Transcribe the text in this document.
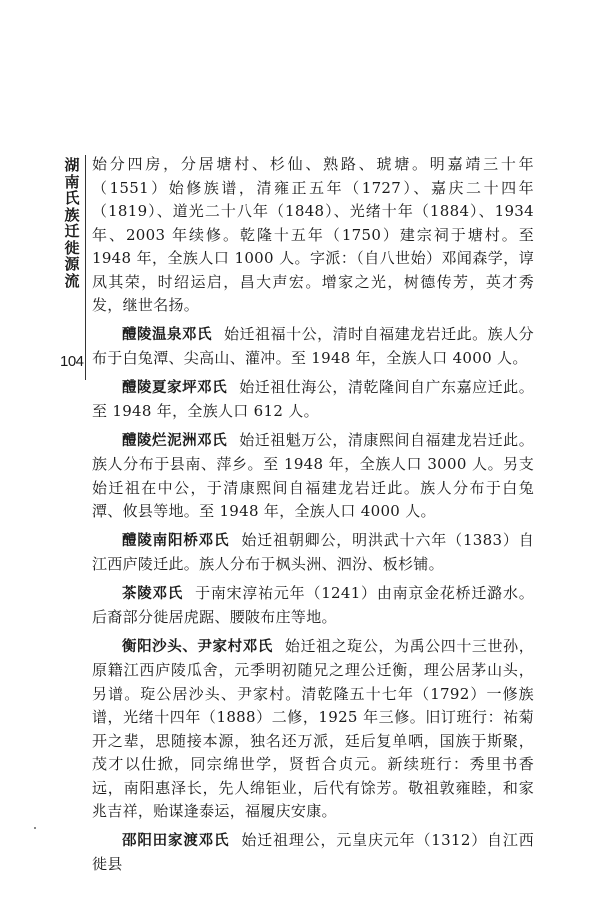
湖南氏族迁徙源流
104

始分四房，分居塘村、杉仙、熟路、琥塘。明嘉靖三十年（1551）始修族谱，清雍正五年（1727）、嘉庆二十四年（1819）、道光二十八年（1848）、光绪十年（1884）、1934 年、2003 年续修。乾隆十五年（1750）建宗祠于塘村。至 1948 年，全族人口 1000 人。字派：（自八世始）邓闻森学，谆凤其荣，时绍运启，昌大声宏。增家之光，树德传芳，英才秀发，继世名扬。

醴陵温泉邓氏 始迁祖福十公，清时自福建龙岩迁此。族人分布于白兔潭、尖高山、灌冲。至 1948 年，全族人口 4000 人。

醴陵夏家坪邓氏 始迁祖仕海公，清乾隆间自广东嘉应迁此。至 1948 年，全族人口 612 人。

醴陵烂泥洲邓氏 始迁祖魁万公，清康熙间自福建龙岩迁此。族人分布于县南、萍乡。至 1948 年，全族人口 3000 人。另支始迁祖在中公，于清康熙间自福建龙岩迁此。族人分布于白兔潭、攸县等地。至 1948 年，全族人口 4000 人。

醴陵南阳桥邓氏 始迁祖朝卿公，明洪武十六年（1383）自江西庐陵迁此。族人分布于枫头洲、泗汾、板杉铺。

茶陵邓氏 于南宋淳祐元年（1241）由南京金花桥迁潞水。后裔部分徙居虎踞、腰陂布庄等地。

衡阳沙头、尹家村邓氏 始迁祖之琁公，为禹公四十三世孙，原籍江西庐陵瓜舍，元季明初随兄之理公迁衡，理公居茅山头，另谱。琁公居沙头、尹家村。清乾隆五十七年（1792）一修族谱，光绪十四年（1888）二修，1925 年三修。旧订班行：祐菊开之辈，思随接本源，独名还万派，廷后复单哂，国族于斯聚，茂才以仕掀，同宗绵世学，贤哲合贞元。新续班行：秀里书香远，南阳惠泽长，先人绵钜业，后代有馀芳。敬祖敦雍睦，和家兆吉祥，贻谋逢泰运，福履庆安康。

邵阳田家渡邓氏 始迁祖理公，元皇庆元年（1312）自江西徙县
